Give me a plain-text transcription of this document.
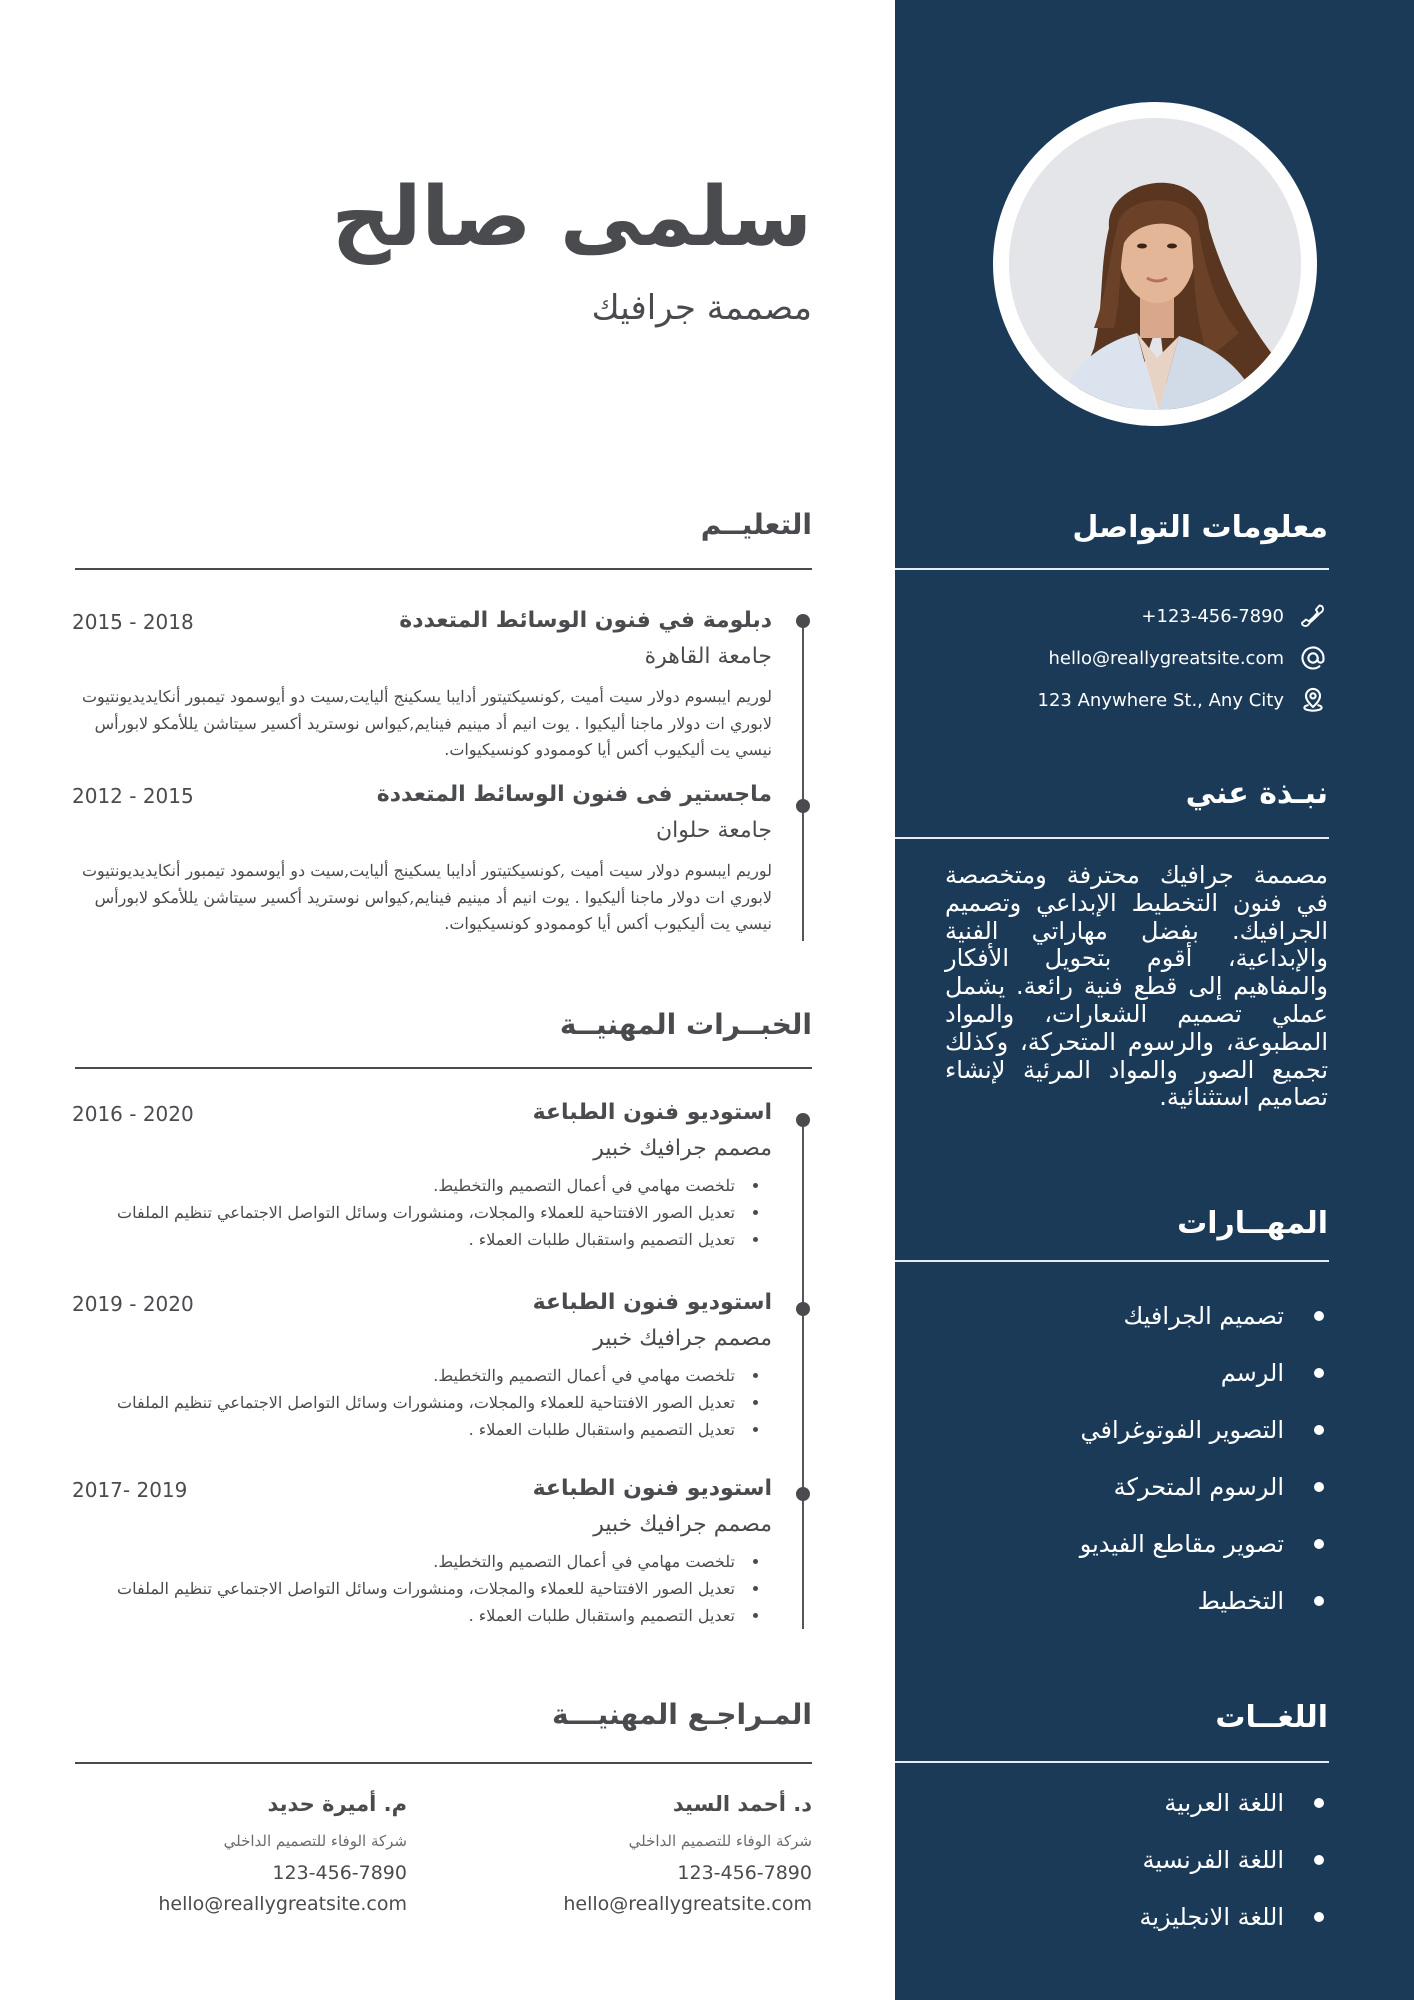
سلمى صالح
مصممة جرافيك
التعليــم
دبلومة في فنون الوسائط المتعددة
2015 - 2018
جامعة القاهرة

لوريم ايبسوم دولار سيت أميت ,كونسيكتيتور أدايبا يسكينج أليايت,سيت دو أيوسمود تيمبور أنكايديديونتيوت لابوري ات دولار ماجنا أليكيوا . يوت انيم أد مينيم فينايم,كيواس نوستريد أكسير سيتاشن يللأمكو لابورأس نيسي يت أليكيوب أكس أيا كوممودو كونسيكيوات.

ماجستير فى فنون الوسائط المتعددة
2012 - 2015
جامعة حلوان

لوريم ايبسوم دولار سيت أميت ,كونسيكتيتور أدايبا يسكينج أليايت,سيت دو أيوسمود تيمبور أنكايديديونتيوت لابوري ات دولار ماجنا أليكيوا . يوت انيم أد مينيم فينايم,كيواس نوستريد أكسير سيتاشن يللأمكو لابورأس نيسي يت أليكيوب أكس أيا كوممودو كونسيكيوات.

الخبــرات المهنيــة
استوديو فنون الطباعة
2016 - 2020
مصمم جرافيك خبير
تلخصت مهامي في أعمال التصميم والتخطيط.
تعديل الصور الافتتاحية للعملاء والمجلات، ومنشورات وسائل التواصل الاجتماعي تنظيم الملفات
تعديل التصميم واستقبال طلبات العملاء .
استوديو فنون الطباعة
2019 - 2020
مصمم جرافيك خبير
تلخصت مهامي في أعمال التصميم والتخطيط.
تعديل الصور الافتتاحية للعملاء والمجلات، ومنشورات وسائل التواصل الاجتماعي تنظيم الملفات
تعديل التصميم واستقبال طلبات العملاء .
استوديو فنون الطباعة
2017- 2019
مصمم جرافيك خبير
تلخصت مهامي في أعمال التصميم والتخطيط.
تعديل الصور الافتتاحية للعملاء والمجلات، ومنشورات وسائل التواصل الاجتماعي تنظيم الملفات
تعديل التصميم واستقبال طلبات العملاء .
المـراجـع المهنيـــة
د. أحمد السيد
شركة الوفاء للتصميم الداخلي
123-456-7890
hello@reallygreatsite.com
م. أميرة حديد
شركة الوفاء للتصميم الداخلي
123-456-7890
hello@reallygreatsite.com
معلومات التواصل
+123-456-7890
hello@reallygreatsite.com
123 Anywhere St., Any City
نبـذة عني

مصممة جرافيك محترفة ومتخصصة في فنون التخطيط الإبداعي وتصميم الجرافيك. بفضل مهاراتي الفنية والإبداعية، أقوم بتحويل الأفكار والمفاهيم إلى قطع فنية رائعة. يشمل عملي تصميم الشعارات، والمواد المطبوعة، والرسوم المتحركة، وكذلك تجميع الصور والمواد المرئية لإنشاء تصاميم استثنائية.

المهــارات
تصميم الجرافيك
الرسم
التصوير الفوتوغرافي
الرسوم المتحركة
تصوير مقاطع الفيديو
التخطيط
اللغــات
اللغة العربية
اللغة الفرنسية
اللغة الانجليزية
